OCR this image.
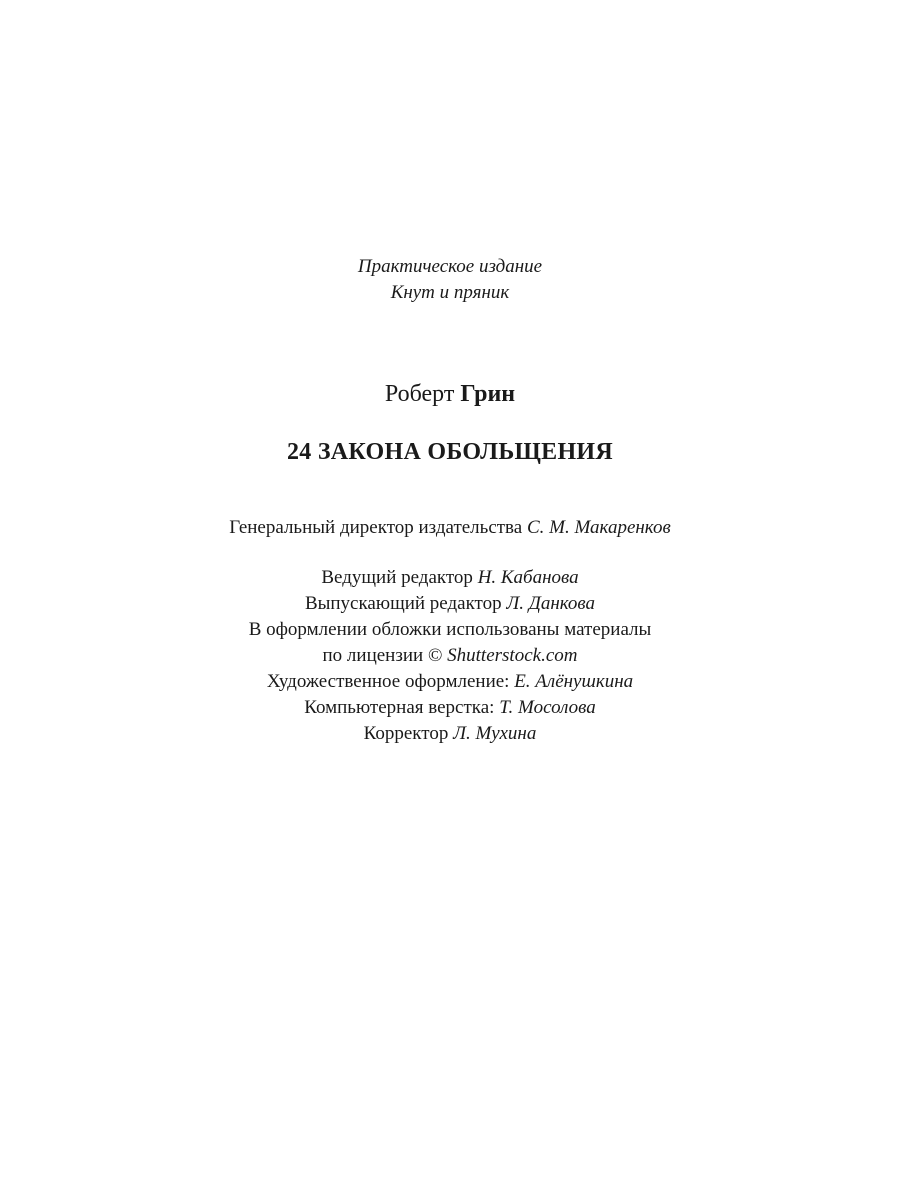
Практическое издание
Кнут и пряник
Роберт Грин
24 ЗАКОНА ОБОЛЬЩЕНИЯ
Генеральный директор издательства С. М. Макаренков
Ведущий редактор Н. Кабанова
Выпускающий редактор Л. Данкова
В оформлении обложки использованы материалы
по лицензии © Shutterstock.com
Художественное оформление: Е. Алёнушкина
Компьютерная верстка: Т. Мосолова
Корректор Л. Мухина
